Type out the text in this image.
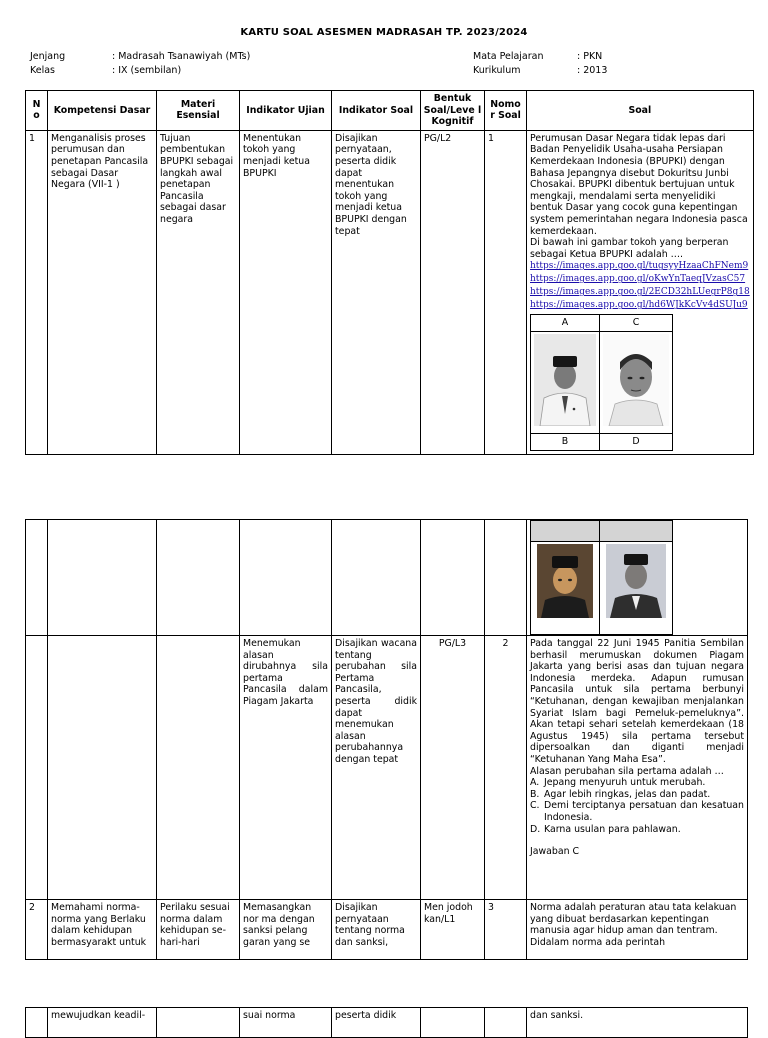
KARTU SOAL ASESMEN MADRASAH TP. 2023/2024
Jenjang	: Madrasah Tsanawiyah (MTs)
Kelas	: IX (sembilan)
Mata Pelajaran	: PKN
Kurikulum	: 2013
N o	Kompetensi Dasar	Materi Esensial	Indikator Ujian	Indikator Soal	Bentuk Soal/Leve l Kognitif	Nomo r Soal	Soal
1	Menganalisis proses perumusan dan penetapan Pancasila sebagai Dasar Negara (VII-1 )	Tujuan pembentukan BPUPKI sebagai langkah awal penetapan Pancasila sebagai dasar negara	Menentukan tokoh yang menjadi ketua BPUPKI	Disajikan pernyataan, peserta didik dapat menentukan tokoh yang menjadi ketua BPUPKI dengan tepat	PG/L2	1	Perumusan Dasar Negara tidak lepas dari Badan Penyelidik Usaha-usaha Persiapan Kemerdekaan Indonesia (BPUPKI) dengan Bahasa Jepangnya disebut Dokuritsu Junbi Chosakai. BPUPKI dibentuk bertujuan untuk mengkaji, mendalami serta menyelidiki bentuk Dasar yang cocok guna kepentingan system pemerintahan negara Indonesia pasca kemerdekaan.
Di bawah ini gambar tokoh yang berperan sebagai Ketua BPUPKI adalah ….
https://images.app.goo.gl/tugsyyHzaaChFNem9
https://images.app.goo.gl/oKwYnTaeqJVzasC57
https://images.app.goo.gl/2ECD32hLUegrP8g18
https://images.app.goo.gl/hd6WJkKcVv4dSUJu9
A	C

B	D

			Menemukan alasan dirubahnya sila pertama Pancasila dalam Piagam Jakarta	Disajikan wacana tentang perubahan sila Pertama Pancasila, peserta didik dapat menemukan alasan perubahannya dengan tepat	PG/L3	2	Pada tanggal 22 Juni 1945 Panitia Sembilan berhasil merumuskan dokumen Piagam Jakarta yang berisi asas dan tujuan negara Indonesia merdeka. Adapun rumusan Pancasila untuk sila pertama berbunyi “Ketuhanan, dengan kewajiban menjalankan Syariat Islam bagi Pemeluk-pemeluknya”. Akan tetapi sehari setelah kemerdekaan (18 Agustus 1945) sila pertama tersebut dipersoalkan dan diganti menjadi “Ketuhanan Yang Maha Esa”.
Alasan perubahan sila pertama adalah …
A. Jepang menyuruh untuk merubah.
B. Agar lebih ringkas, jelas dan padat.
C. Demi terciptanya persatuan dan kesatuan Indonesia.
D. Karna usulan para pahlawan.
Jawaban C

2	Memahami norma-norma yang Berlaku dalam kehidupan bermasyarakt untuk	Perilaku sesuai norma dalam kehidupan se-hari-hari	Memasangkan nor ma dengan sanksi pelang garan yang se	Disajikan pernyataan tentang norma dan sanksi,	Men jodoh kan/L1	3	Norma adalah peraturan atau tata kelakuan yang dibuat berdasarkan kepentingan manusia agar hidup aman dan tentram. Didalam norma ada perintah
	mewujudkan keadil-		suai norma	peserta didik			dan sanksi.
